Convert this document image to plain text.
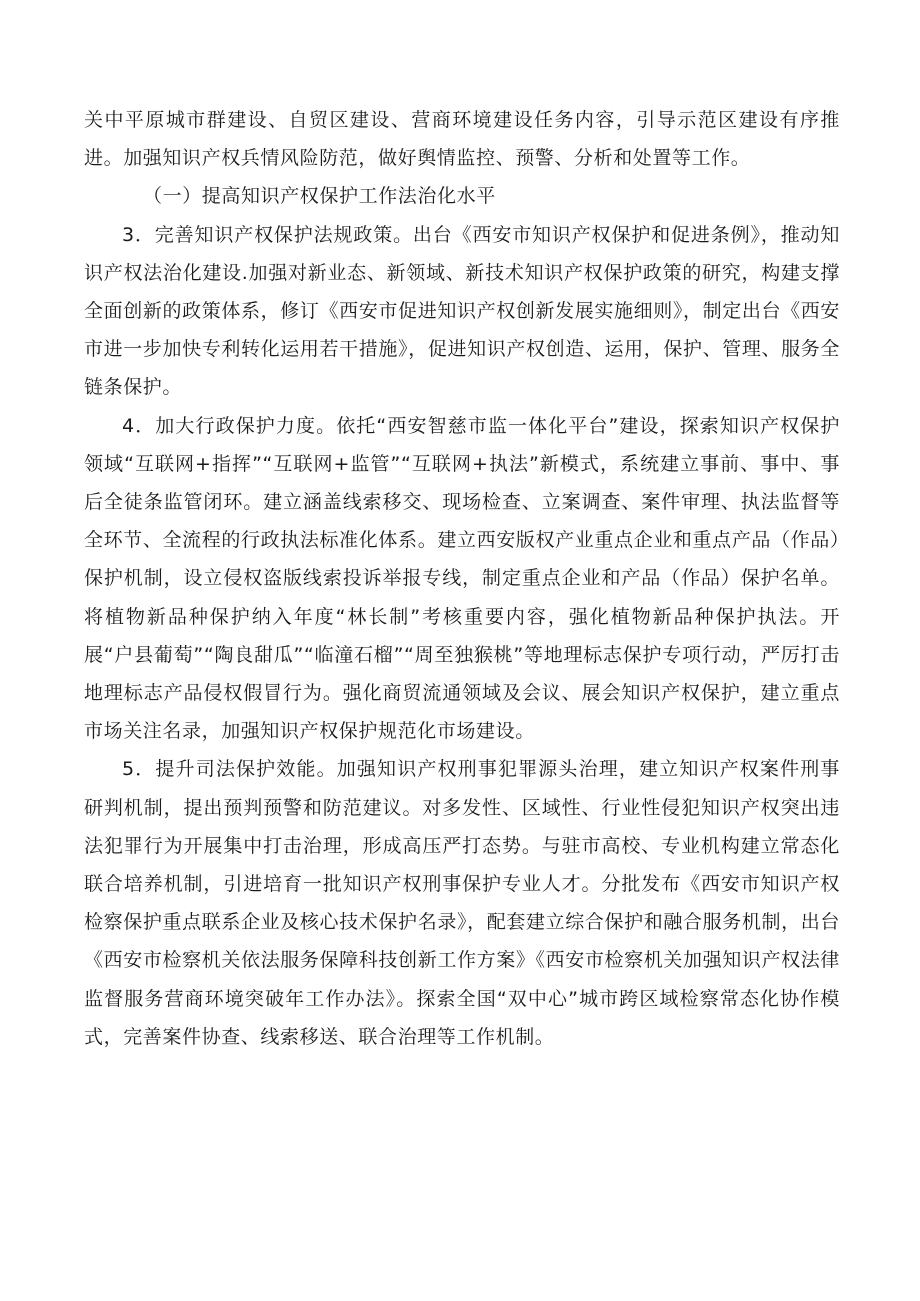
关中平原城市群建设、自贸区建设、营商环境建设任务内容，引导示范区建设有序推进。加强知识产权兵情风险防范，做好舆情监控、预警、分析和处置等工作。

（一）提高知识产权保护工作法治化水平

3．完善知识产权保护法规政策。出台《西安市知识产权保护和促进条例》，推动知识产权法治化建设.加强对新业态、新领域、新技术知识产权保护政策的研究，构建支撑全面创新的政策体系，修订《西安市促进知识产权创新发展实施细则》，制定出台《西安市进一步加快专利转化运用若干措施》，促进知识产权创造、运用，保护、管理、服务全链条保护。

4．加大行政保护力度。依托“西安智慈市监一体化平台”建设，探索知识产权保护领域“互联网+指挥”“互联网+监管”“互联网+执法”新模式，系统建立事前、事中、事后全徒条监管闭环。建立涵盖线索移交、现场检查、立案调查、案件审理、执法监督等全环节、全流程的行政执法标准化体系。建立西安版权产业重点企业和重点产品（作品）保护机制，设立侵权盗版线索投诉举报专线，制定重点企业和产品（作品）保护名单。将植物新品种保护纳入年度“林长制”考核重要内容，强化植物新品种保护执法。开展“户县葡萄”“陶良甜瓜”“临潼石榴”“周至独猴桃”等地理标志保护专项行动，严厉打击地理标志产品侵权假冒行为。强化商贸流通领域及会议、展会知识产权保护，建立重点市场关注名录，加强知识产权保护规范化市场建设。

5．提升司法保护效能。加强知识产权刑事犯罪源头治理，建立知识产权案件刑事研判机制，提出预判预警和防范建议。对多发性、区域性、行业性侵犯知识产权突出违法犯罪行为开展集中打击治理，形成高压严打态势。与驻市高校、专业机构建立常态化联合培养机制，引进培育一批知识产权刑事保护专业人才。分批发布《西安市知识产权检察保护重点联系企业及核心技术保护名录》，配套建立综合保护和融合服务机制，出台《西安市检察机关依法服务保障科技创新工作方案》《西安市检察机关加强知识产权法律监督服务营商环境突破年工作办法》。探索全国“双中心”城市跨区域检察常态化协作模式，完善案件协查、线索移送、联合治理等工作机制。
